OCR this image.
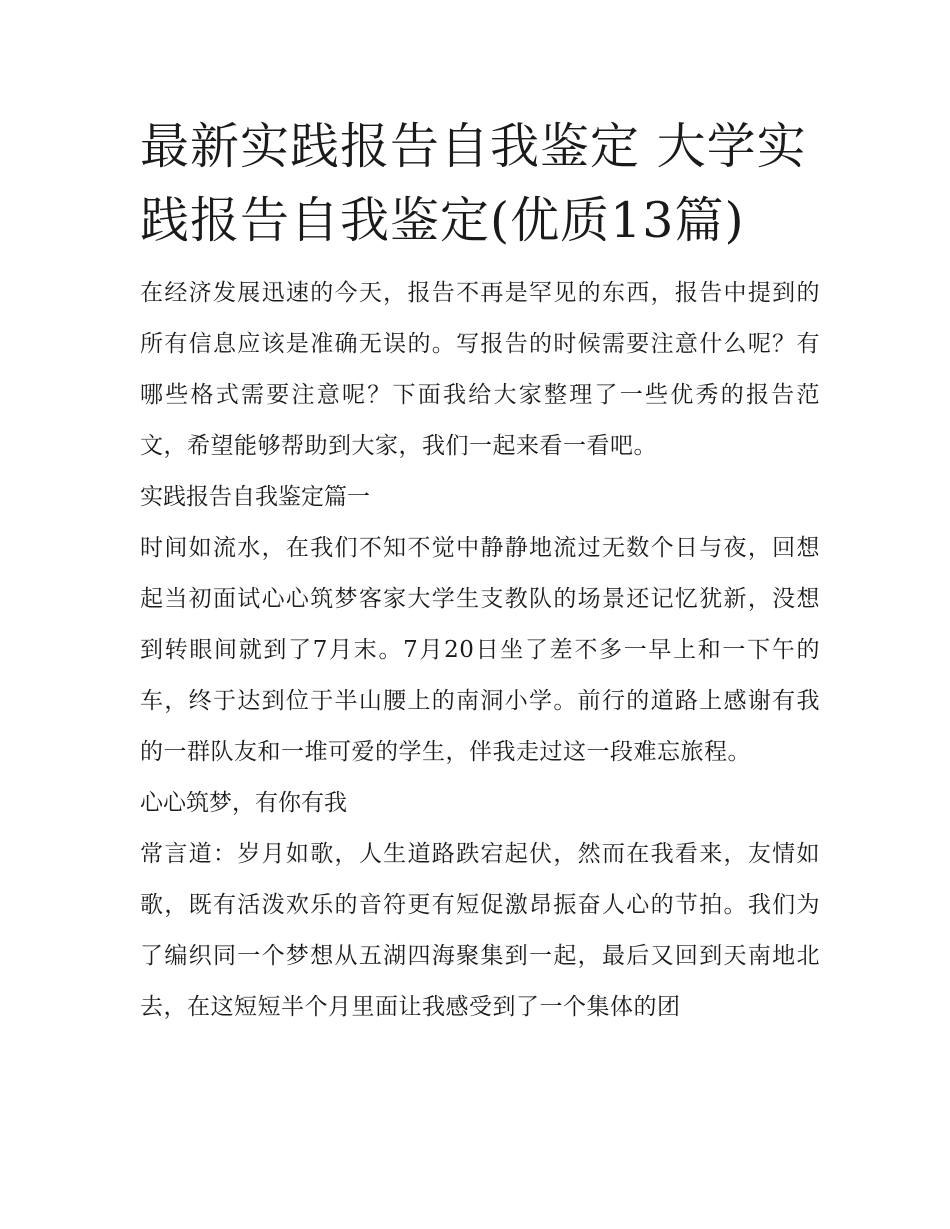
最新实践报告自我鉴定 大学实践报告自我鉴定(优质13篇)

在经济发展迅速的今天，报告不再是罕见的东西，报告中提到的所有信息应该是准确无误的。写报告的时候需要注意什么呢？有哪些格式需要注意呢？下面我给大家整理了一些优秀的报告范文，希望能够帮助到大家，我们一起来看一看吧。

实践报告自我鉴定篇一

时间如流水，在我们不知不觉中静静地流过无数个日与夜，回想起当初面试心心筑梦客家大学生支教队的场景还记忆犹新，没想到转眼间就到了7月末。7月20日坐了差不多一早上和一下午的车，终于达到位于半山腰上的南洞小学。前行的道路上感谢有我的一群队友和一堆可爱的学生，伴我走过这一段难忘旅程。

心心筑梦，有你有我

常言道：岁月如歌，人生道路跌宕起伏，然而在我看来，友情如歌，既有活泼欢乐的音符更有短促激昂振奋人心的节拍。我们为了编织同一个梦想从五湖四海聚集到一起，最后又回到天南地北去，在这短短半个月里面让我感受到了一个集体的团
